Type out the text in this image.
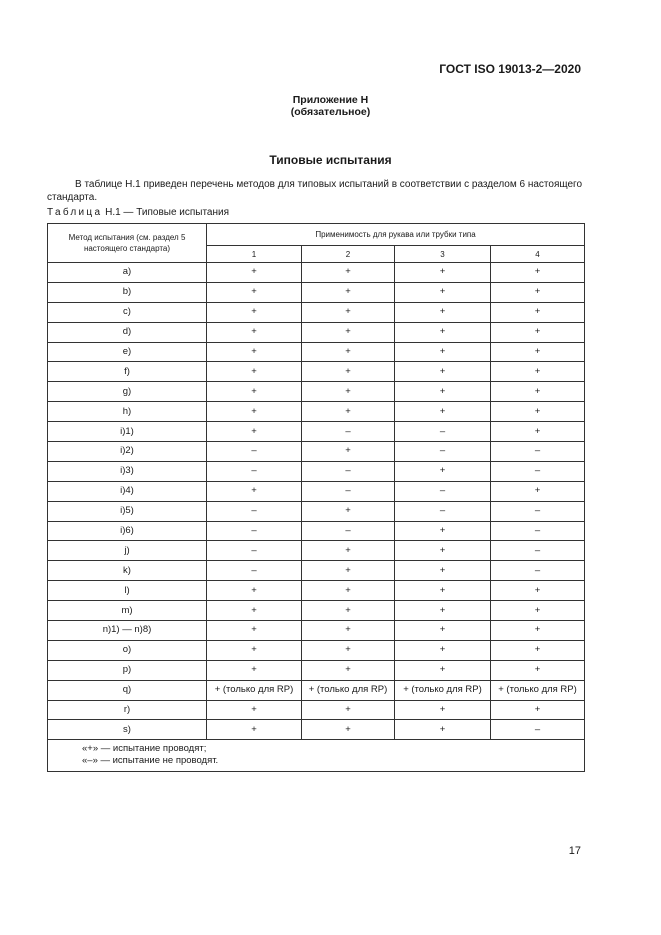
ГОСТ ISO 19013-2—2020
Приложение Н
(обязательное)
Типовые испытания
В таблице Н.1 приведен перечень методов для типовых испытаний в соответствии с разделом 6 настоящего стандарта.
Таблица Н.1 — Типовые испытания
Метод испытания (см. раздел 5 настоящего стандарта)	Применимость для рукава или трубки типа			
	1	2	3	4
a)	+	+	+	+
b)	+	+	+	+
c)	+	+	+	+
d)	+	+	+	+
e)	+	+	+	+
f)	+	+	+	+
g)	+	+	+	+
h)	+	+	+	+
i)1)	+	–	–	+
i)2)	–	+	–	–
i)3)	–	–	+	–
i)4)	+	–	–	+
i)5)	–	+	–	–
i)6)	–	–	+	–
j)	–	+	+	–
k)	–	+	+	–
l)	+	+	+	+
m)	+	+	+	+
n)1) — n)8)	+	+	+	+
o)	+	+	+	+
p)	+	+	+	+
q)	+ (только для RP)	+ (только для RP)	+ (только для RP)	+ (только для RP)
r)	+	+	+	+
s)	+	+	+	–

«+» — испытание проводят;
«–» — испытание не проводят.				
17
